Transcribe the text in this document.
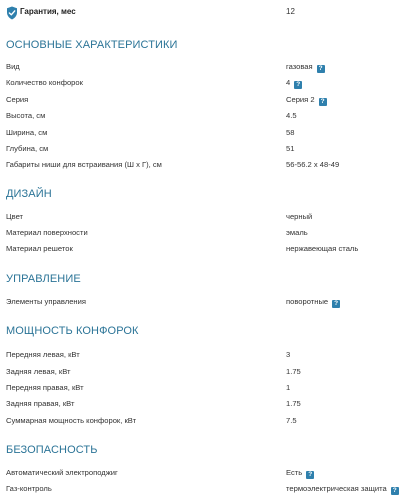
Гарантия, мес	12
ОСНОВНЫЕ ХАРАКТЕРИСТИКИ
Вид	газовая ?
Количество конфорок	4 ?
Серия	Серия 2 ?
Высота, см	4.5
Ширина, см	58
Глубина, см	51
Габариты ниши для встраивания (Ш х Г), см	56-56.2 x 48-49
ДИЗАЙН
Цвет	черный
Материал поверхности	эмаль
Материал решеток	нержавеющая сталь
УПРАВЛЕНИЕ
Элементы управления	поворотные ?
МОЩНОСТЬ КОНФОРОК
Передняя левая, кВт	3
Задняя левая, кВт	1.75
Передняя правая, кВт	1
Задняя правая, кВт	1.75
Суммарная мощность конфорок, кВт	7.5
БЕЗОПАСНОСТЬ
Автоматический электроподжиг	Есть ?
Газ-контроль	термоэлектрическая защита ?
